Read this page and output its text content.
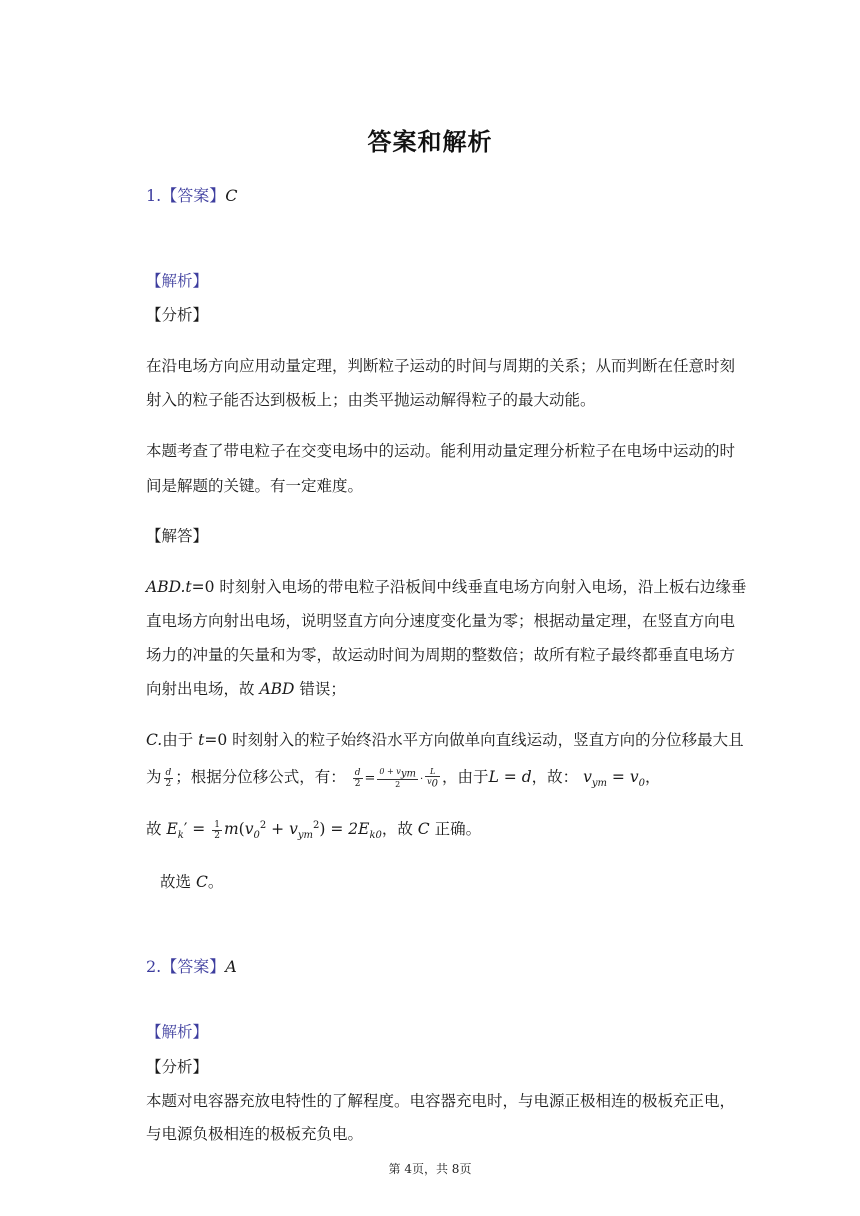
答案和解析
1.【答案】C
【解析】
【分析】
在沿电场方向应用动量定理，判断粒子运动的时间与周期的关系；从而判断在任意时刻
射入的粒子能否达到极板上；由类平抛运动解得粒子的最大动能。
本题考查了带电粒子在交变电场中的运动。能利用动量定理分析粒子在电场中运动的时
间是解题的关键。有一定难度。
【解答】
ABD.t=0 时刻射入电场的带电粒子沿板间中线垂直电场方向射入电场，沿上板右边缘垂
直电场方向射出电场，说明竖直方向分速度变化量为零；根据动量定理，在竖直方向电
场力的冲量的矢量和为零，故运动时间为周期的整数倍；故所有粒子最终都垂直电场方
向射出电场，故 ABD 错误；
C.由于 t=0 时刻射入的粒子始终沿水平方向做单向直线运动，竖直方向的分位移最大且
为 $\frac{d}{2}$ ；根据分位移公式，有： $\frac{d}{2} = \frac{0 + v_{ym}}{2} \cdot \frac{L}{v_0}$ ，由于L = d，故： $v_{ym} = v_0$，
故 $E_k' = \frac{1}{2} m(v_0^2 + v_{ym}^2) = 2E_{k0}$，故 C 正确。
故选 C。
2.【答案】A
【解析】
【分析】
本题对电容器充放电特性的了解程度。电容器充电时，与电源正极相连的极板充正电，
与电源负极相连的极板充负电。
第 4页，共 8页
